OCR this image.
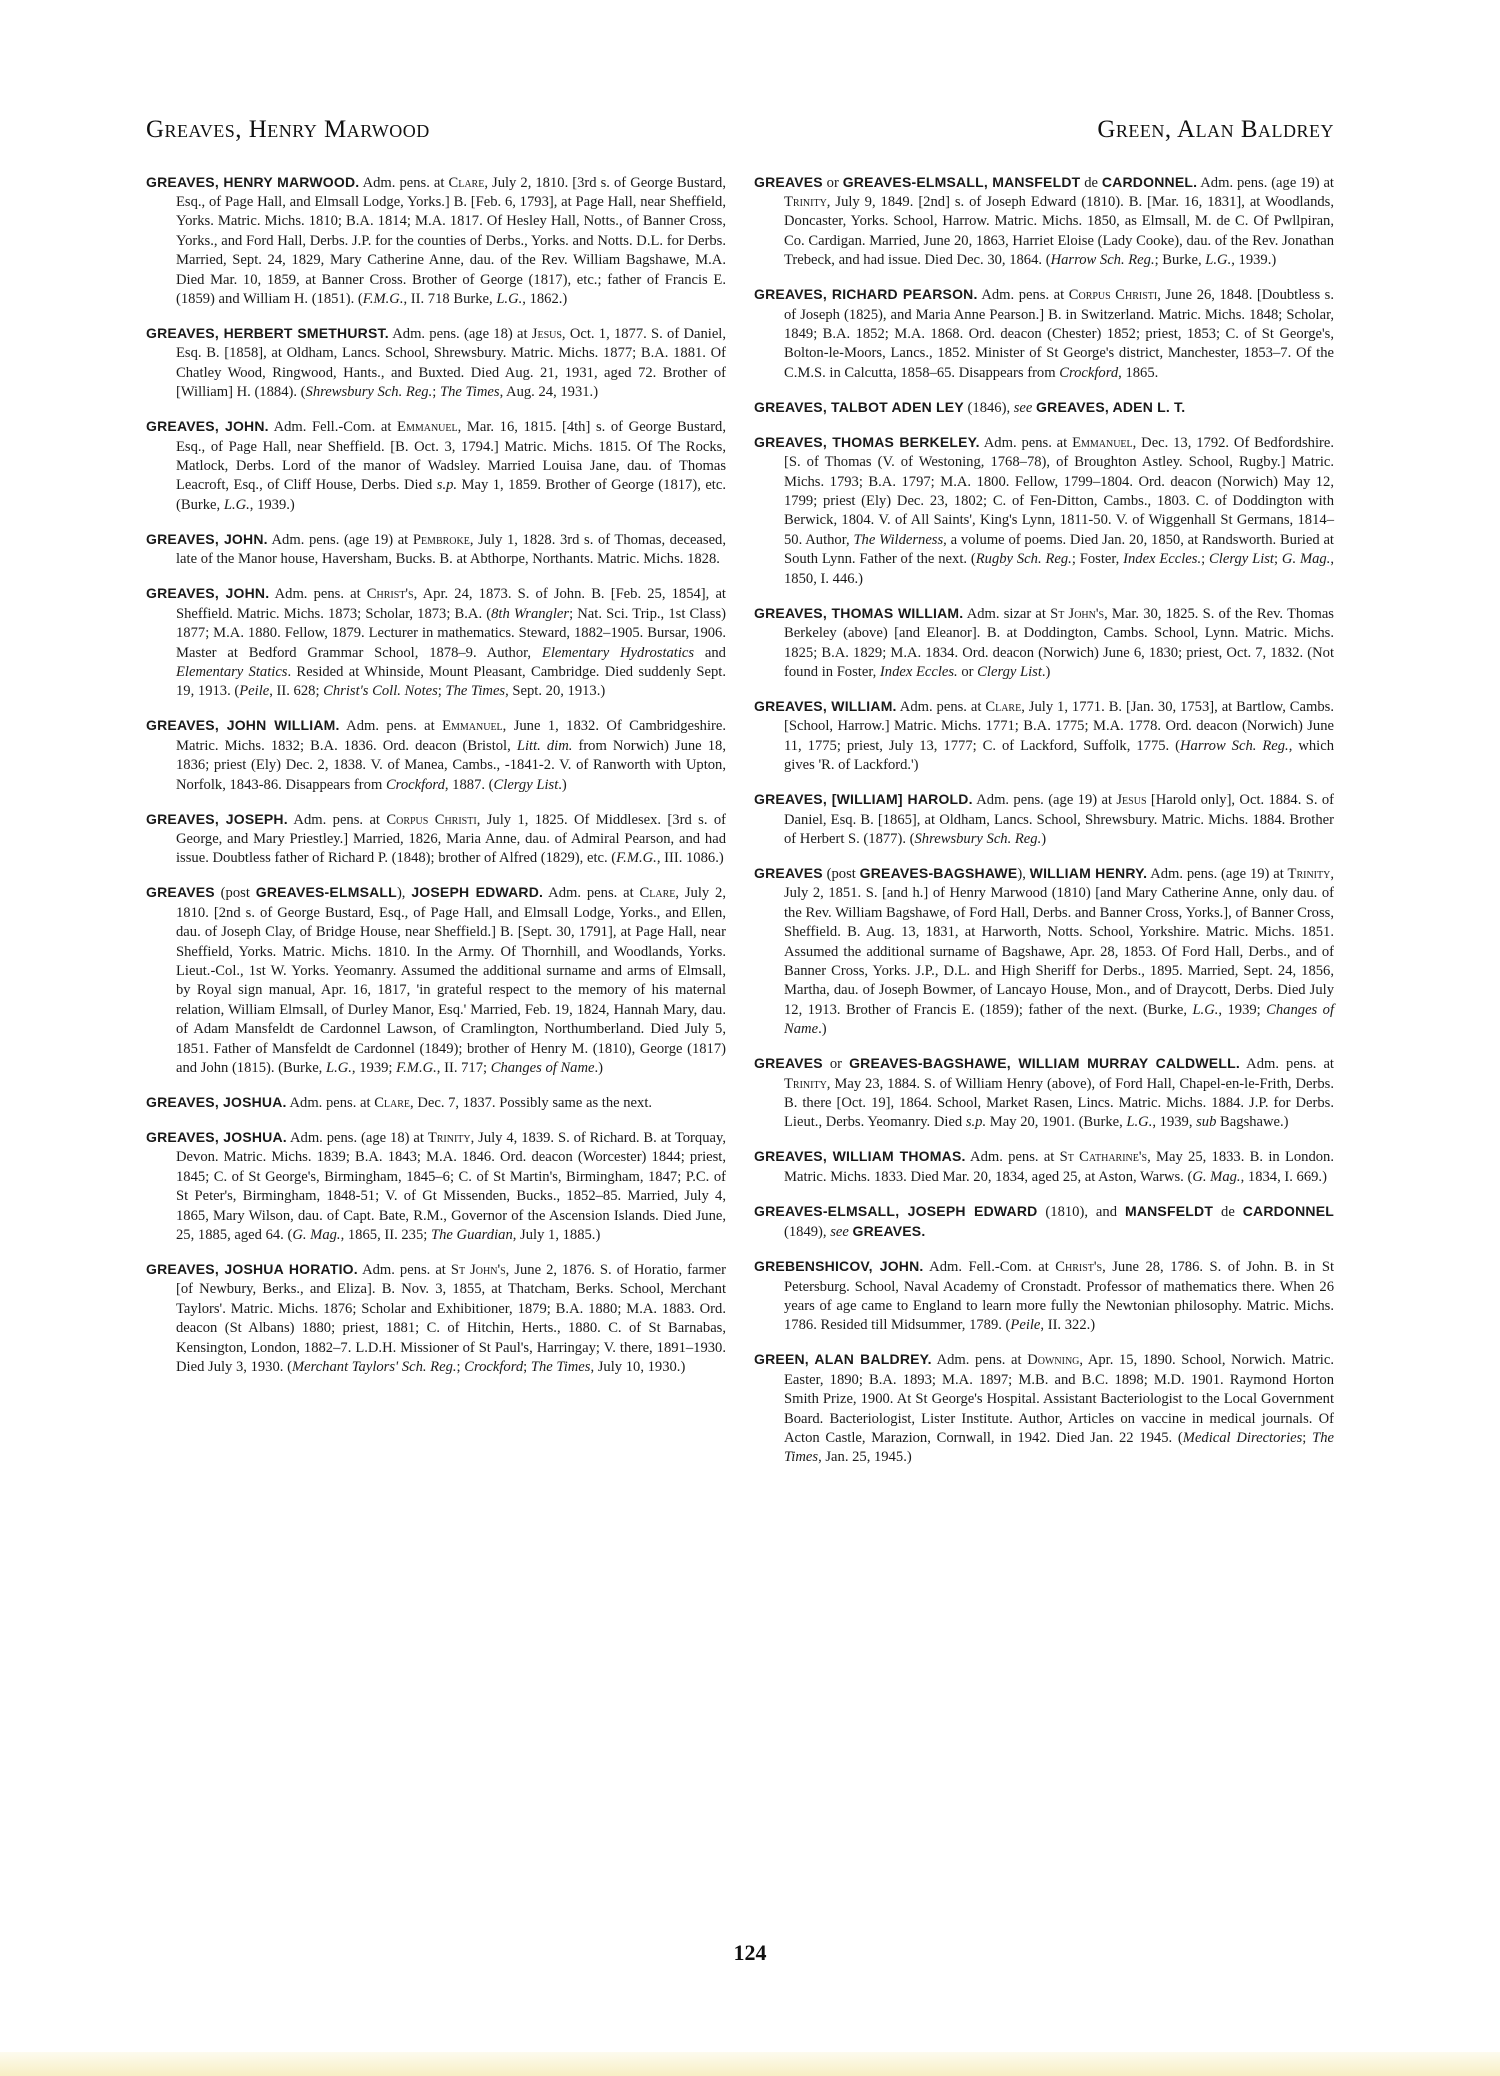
Greaves, Henry Marwood	Green, Alan Baldrey

GREAVES, HENRY MARWOOD. Adm. pens. at Clare, July 2, 1810. [3rd s. of George Bustard, Esq., of Page Hall, and Elmsall Lodge, Yorks.] B. [Feb. 6, 1793], at Page Hall, near Sheffield, Yorks. Matric. Michs. 1810; B.A. 1814; M.A. 1817. Of Hesley Hall, Notts., of Banner Cross, Yorks., and Ford Hall, Derbs. J.P. for the counties of Derbs., Yorks. and Notts. D.L. for Derbs. Married, Sept. 24, 1829, Mary Catherine Anne, dau. of the Rev. William Bagshawe, M.A. Died Mar. 10, 1859, at Banner Cross. Brother of George (1817), etc.; father of Francis E. (1859) and William H. (1851). (F.M.G., II. 718 Burke, L.G., 1862.)

GREAVES, HERBERT SMETHURST. Adm. pens. (age 18) at Jesus, Oct. 1, 1877. S. of Daniel, Esq. B. [1858], at Oldham, Lancs. School, Shrewsbury. Matric. Michs. 1877; B.A. 1881. Of Chatley Wood, Ringwood, Hants., and Buxted. Died Aug. 21, 1931, aged 72. Brother of [William] H. (1884). (Shrewsbury Sch. Reg.; The Times, Aug. 24, 1931.)

GREAVES, JOHN. Adm. Fell.-Com. at Emmanuel, Mar. 16, 1815. [4th] s. of George Bustard, Esq., of Page Hall, near Sheffield. [B. Oct. 3, 1794.] Matric. Michs. 1815. Of The Rocks, Matlock, Derbs. Lord of the manor of Wadsley. Married Louisa Jane, dau. of Thomas Leacroft, Esq., of Cliff House, Derbs. Died s.p. May 1, 1859. Brother of George (1817), etc. (Burke, L.G., 1939.)

GREAVES, JOHN. Adm. pens. (age 19) at Pembroke, July 1, 1828. 3rd s. of Thomas, deceased, late of the Manor house, Haversham, Bucks. B. at Abthorpe, Northants. Matric. Michs. 1828.

GREAVES, JOHN. Adm. pens. at Christ's, Apr. 24, 1873. S. of John. B. [Feb. 25, 1854], at Sheffield. Matric. Michs. 1873; Scholar, 1873; B.A. (8th Wrangler; Nat. Sci. Trip., 1st Class) 1877; M.A. 1880. Fellow, 1879. Lecturer in mathematics. Steward, 1882–1905. Bursar, 1906. Master at Bedford Grammar School, 1878–9. Author, Elementary Hydrostatics and Elementary Statics. Resided at Whinside, Mount Pleasant, Cambridge. Died suddenly Sept. 19, 1913. (Peile, II. 628; Christ's Coll. Notes; The Times, Sept. 20, 1913.)

GREAVES, JOHN WILLIAM. Adm. pens. at Emmanuel, June 1, 1832. Of Cambridgeshire. Matric. Michs. 1832; B.A. 1836. Ord. deacon (Bristol, Litt. dim. from Norwich) June 18, 1836; priest (Ely) Dec. 2, 1838. V. of Manea, Cambs., -1841-2. V. of Ranworth with Upton, Norfolk, 1843-86. Disappears from Crockford, 1887. (Clergy List.)

GREAVES, JOSEPH. Adm. pens. at Corpus Christi, July 1, 1825. Of Middlesex. [3rd s. of George, and Mary Priestley.] Married, 1826, Maria Anne, dau. of Admiral Pearson, and had issue. Doubtless father of Richard P. (1848); brother of Alfred (1829), etc. (F.M.G., III. 1086.)

GREAVES (post GREAVES-ELMSALL), JOSEPH EDWARD. Adm. pens. at Clare, July 2, 1810. [2nd s. of George Bustard, Esq., of Page Hall, and Elmsall Lodge, Yorks., and Ellen, dau. of Joseph Clay, of Bridge House, near Sheffield.] B. [Sept. 30, 1791], at Page Hall, near Sheffield, Yorks. Matric. Michs. 1810. In the Army. Of Thornhill, and Woodlands, Yorks. Lieut.-Col., 1st W. Yorks. Yeomanry. Assumed the additional surname and arms of Elmsall, by Royal sign manual, Apr. 16, 1817, 'in grateful respect to the memory of his maternal relation, William Elmsall, of Durley Manor, Esq.' Married, Feb. 19, 1824, Hannah Mary, dau. of Adam Mansfeldt de Cardonnel Lawson, of Cramlington, Northumberland. Died July 5, 1851. Father of Mansfeldt de Cardonnel (1849); brother of Henry M. (1810), George (1817) and John (1815). (Burke, L.G., 1939; F.M.G., II. 717; Changes of Name.)

GREAVES, JOSHUA. Adm. pens. at Clare, Dec. 7, 1837. Possibly same as the next.

GREAVES, JOSHUA. Adm. pens. (age 18) at Trinity, July 4, 1839. S. of Richard. B. at Torquay, Devon. Matric. Michs. 1839; B.A. 1843; M.A. 1846. Ord. deacon (Worcester) 1844; priest, 1845; C. of St George's, Birmingham, 1845–6; C. of St Martin's, Birmingham, 1847; P.C. of St Peter's, Birmingham, 1848-51; V. of Gt Missenden, Bucks., 1852–85. Married, July 4, 1865, Mary Wilson, dau. of Capt. Bate, R.M., Governor of the Ascension Islands. Died June, 25, 1885, aged 64. (G. Mag., 1865, II. 235; The Guardian, July 1, 1885.)

GREAVES, JOSHUA HORATIO. Adm. pens. at St John's, June 2, 1876. S. of Horatio, farmer [of Newbury, Berks., and Eliza]. B. Nov. 3, 1855, at Thatcham, Berks. School, Merchant Taylors'. Matric. Michs. 1876; Scholar and Exhibitioner, 1879; B.A. 1880; M.A. 1883. Ord. deacon (St Albans) 1880; priest, 1881; C. of Hitchin, Herts., 1880. C. of St Barnabas, Kensington, London, 1882–7. L.D.H. Missioner of St Paul's, Harringay; V. there, 1891–1930. Died July 3, 1930. (Merchant Taylors' Sch. Reg.; Crockford; The Times, July 10, 1930.)

GREAVES or GREAVES-ELMSALL, MANSFELDT de CARDONNEL. Adm. pens. (age 19) at Trinity, July 9, 1849. [2nd] s. of Joseph Edward (1810). B. [Mar. 16, 1831], at Woodlands, Doncaster, Yorks. School, Harrow. Matric. Michs. 1850, as Elmsall, M. de C. Of Pwllpiran, Co. Cardigan. Married, June 20, 1863, Harriet Eloise (Lady Cooke), dau. of the Rev. Jonathan Trebeck, and had issue. Died Dec. 30, 1864. (Harrow Sch. Reg.; Burke, L.G., 1939.)

GREAVES, RICHARD PEARSON. Adm. pens. at Corpus Christi, June 26, 1848. [Doubtless s. of Joseph (1825), and Maria Anne Pearson.] B. in Switzerland. Matric. Michs. 1848; Scholar, 1849; B.A. 1852; M.A. 1868. Ord. deacon (Chester) 1852; priest, 1853; C. of St George's, Bolton-le-Moors, Lancs., 1852. Minister of St George's district, Manchester, 1853–7. Of the C.M.S. in Calcutta, 1858–65. Disappears from Crockford, 1865.

GREAVES, TALBOT ADEN LEY (1846), see GREAVES, ADEN L. T.

GREAVES, THOMAS BERKELEY. Adm. pens. at Emmanuel, Dec. 13, 1792. Of Bedfordshire. [S. of Thomas (V. of Westoning, 1768–78), of Broughton Astley. School, Rugby.] Matric. Michs. 1793; B.A. 1797; M.A. 1800. Fellow, 1799–1804. Ord. deacon (Norwich) May 12, 1799; priest (Ely) Dec. 23, 1802; C. of Fen-Ditton, Cambs., 1803. C. of Doddington with Berwick, 1804. V. of All Saints', King's Lynn, 1811-50. V. of Wiggenhall St Germans, 1814–50. Author, The Wilderness, a volume of poems. Died Jan. 20, 1850, at Randsworth. Buried at South Lynn. Father of the next. (Rugby Sch. Reg.; Foster, Index Eccles.; Clergy List; G. Mag., 1850, I. 446.)

GREAVES, THOMAS WILLIAM. Adm. sizar at St John's, Mar. 30, 1825. S. of the Rev. Thomas Berkeley (above) [and Eleanor]. B. at Doddington, Cambs. School, Lynn. Matric. Michs. 1825; B.A. 1829; M.A. 1834. Ord. deacon (Norwich) June 6, 1830; priest, Oct. 7, 1832. (Not found in Foster, Index Eccles. or Clergy List.)

GREAVES, WILLIAM. Adm. pens. at Clare, July 1, 1771. B. [Jan. 30, 1753], at Bartlow, Cambs. [School, Harrow.] Matric. Michs. 1771; B.A. 1775; M.A. 1778. Ord. deacon (Norwich) June 11, 1775; priest, July 13, 1777; C. of Lackford, Suffolk, 1775. (Harrow Sch. Reg., which gives 'R. of Lackford.')

GREAVES, [WILLIAM] HAROLD. Adm. pens. (age 19) at Jesus [Harold only], Oct. 1884. S. of Daniel, Esq. B. [1865], at Oldham, Lancs. School, Shrewsbury. Matric. Michs. 1884. Brother of Herbert S. (1877). (Shrewsbury Sch. Reg.)

GREAVES (post GREAVES-BAGSHAWE), WILLIAM HENRY. Adm. pens. (age 19) at Trinity, July 2, 1851. S. [and h.] of Henry Marwood (1810) [and Mary Catherine Anne, only dau. of the Rev. William Bagshawe, of Ford Hall, Derbs. and Banner Cross, Yorks.], of Banner Cross, Sheffield. B. Aug. 13, 1831, at Harworth, Notts. School, Yorkshire. Matric. Michs. 1851. Assumed the additional surname of Bagshawe, Apr. 28, 1853. Of Ford Hall, Derbs., and of Banner Cross, Yorks. J.P., D.L. and High Sheriff for Derbs., 1895. Married, Sept. 24, 1856, Martha, dau. of Joseph Bowmer, of Lancayo House, Mon., and of Draycott, Derbs. Died July 12, 1913. Brother of Francis E. (1859); father of the next. (Burke, L.G., 1939; Changes of Name.)

GREAVES or GREAVES-BAGSHAWE, WILLIAM MURRAY CALDWELL. Adm. pens. at Trinity, May 23, 1884. S. of William Henry (above), of Ford Hall, Chapel-en-le-Frith, Derbs. B. there [Oct. 19], 1864. School, Market Rasen, Lincs. Matric. Michs. 1884. J.P. for Derbs. Lieut., Derbs. Yeomanry. Died s.p. May 20, 1901. (Burke, L.G., 1939, sub Bagshawe.)

GREAVES, WILLIAM THOMAS. Adm. pens. at St Catharine's, May 25, 1833. B. in London. Matric. Michs. 1833. Died Mar. 20, 1834, aged 25, at Aston, Warws. (G. Mag., 1834, I. 669.)

GREAVES-ELMSALL, JOSEPH EDWARD (1810), and MANSFELDT de CARDONNEL (1849), see GREAVES.

GREBENSHICOV, JOHN. Adm. Fell.-Com. at Christ's, June 28, 1786. S. of John. B. in St Petersburg. School, Naval Academy of Cronstadt. Professor of mathematics there. When 26 years of age came to England to learn more fully the Newtonian philosophy. Matric. Michs. 1786. Resided till Midsummer, 1789. (Peile, II. 322.)

GREEN, ALAN BALDREY. Adm. pens. at Downing, Apr. 15, 1890. School, Norwich. Matric. Easter, 1890; B.A. 1893; M.A. 1897; M.B. and B.C. 1898; M.D. 1901. Raymond Horton Smith Prize, 1900. At St George's Hospital. Assistant Bacteriologist to the Local Government Board. Bacteriologist, Lister Institute. Author, Articles on vaccine in medical journals. Of Acton Castle, Marazion, Cornwall, in 1942. Died Jan. 22 1945. (Medical Directories; The Times, Jan. 25, 1945.)

124
